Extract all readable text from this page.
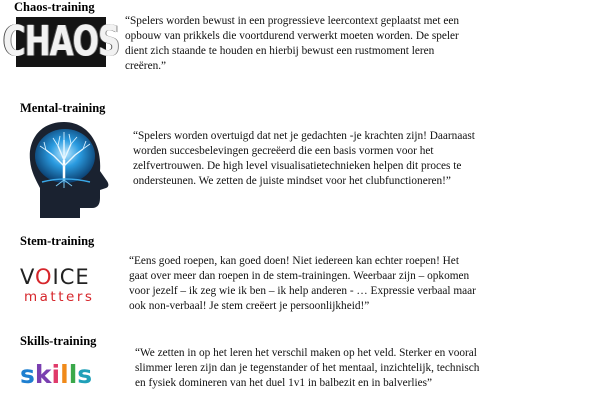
Chaos-training
CHAOS “Spelers worden bewust in een progressieve leercontext geplaatst met een
opbouw van prikkels die voortdurend verwerkt moeten worden. De speler
dient zich staande te houden en hierbij bewust een rustmoment leren
creëren.”
Mental-training
“Spelers worden overtuigd dat net je gedachten -je krachten zijn! Daarnaast
worden succesbelevingen gecreëerd die een basis vormen voor het
zelfvertrouwen. De high level visualisatietechnieken helpen dit proces te
ondersteunen. We zetten de juiste mindset voor het clubfunctioneren!”
Stem-training
VOICE
matters
“Eens goed roepen, kan goed doen! Niet iedereen kan echter roepen! Het
gaat over meer dan roepen in de stem-trainingen. Weerbaar zijn – opkomen
voor jezelf – ik zeg wie ik ben – ik help anderen - … Expressie verbaal maar
ook non-verbaal! Je stem creëert je persoonlijkheid!”
Skills-training
skills
“We zetten in op het leren het verschil maken op het veld. Sterker en vooral
slimmer leren zijn dan je tegenstander of het mentaal, inzichtelijk, technisch
en fysiek domineren van het duel 1v1 in balbezit en in balverlies”
